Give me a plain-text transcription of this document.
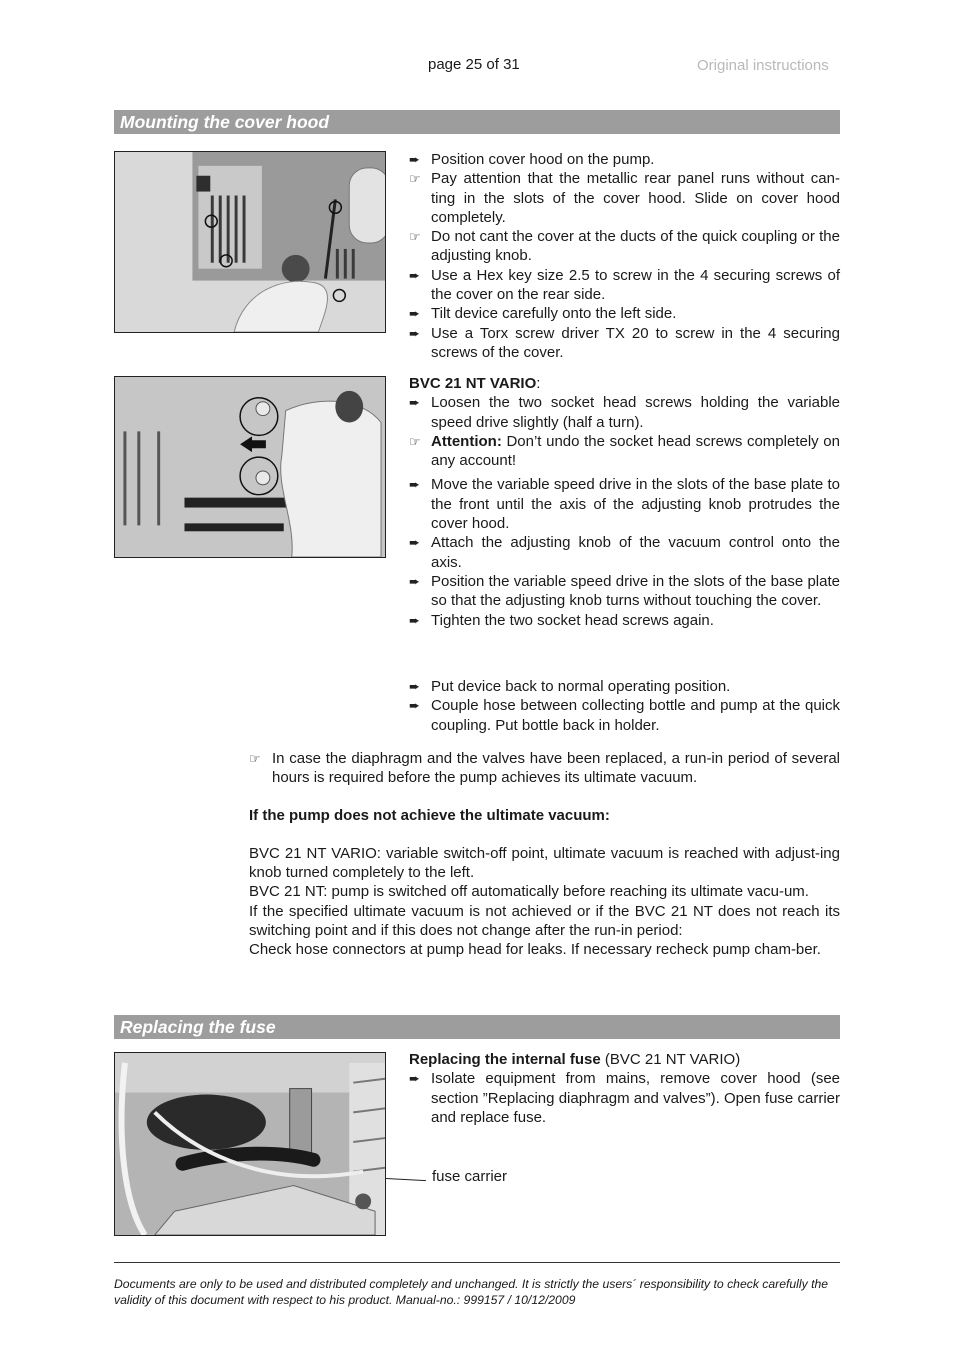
page 25 of 31	Original instructions
Mounting the cover hood
➨ Position cover hood on the pump.
☞ Pay attention that the metallic rear panel runs without can-ting in the slots of the cover hood. Slide on cover hood completely.
☞ Do not cant the cover at the ducts of the quick coupling or the adjusting knob.
➨ Use a Hex key size 2.5 to screw in the 4 securing screws of the cover on the rear side.
➨ Tilt device carefully onto the left side.
➨ Use a Torx screw driver TX 20 to screw in the 4 securing screws of the cover.
BVC 21 NT VARIO:
➨ Loosen the two socket head screws holding the variable speed drive slightly (half a turn).
☞ Attention: Don’t undo the socket head screws completely on any account!
➨ Move the variable speed drive in the slots of the base plate to the front until the axis of the adjusting knob protrudes the cover hood.
➨ Attach the adjusting knob of the vacuum control onto the axis.
➨ Position the variable speed drive in the slots of the base plate so that the adjusting knob turns without touching the cover.
➨ Tighten the two socket head screws again.
➨ Put device back to normal operating position.
➨ Couple hose between collecting bottle and pump at the quick coupling. Put bottle back in holder.
☞ In case the diaphragm and the valves have been replaced, a run-in period of several hours is required before the pump achieves its ultimate vacuum.
If the pump does not achieve the ultimate vacuum:
BVC 21 NT VARIO: variable switch-off point, ultimate vacuum is reached with adjust-ing knob turned completely to the left.
BVC 21 NT: pump is switched off automatically before reaching its ultimate vacu-um.
If the specified ultimate vacuum is not achieved or if the BVC 21 NT does not reach its switching point and if this does not change after the run-in period:
Check hose connectors at pump head for leaks. If necessary recheck pump cham-ber.
Replacing the fuse
Replacing the internal fuse (BVC 21 NT VARIO)
➨ Isolate equipment from mains, remove cover hood (see section ”Replacing diaphragm and valves”). Open fuse carrier and replace fuse.
fuse carrier
Documents are only to be used and distributed completely and unchanged. It is strictly the users´ responsibility to check carefully the validity of this document with respect to his product. Manual-no.: 999157 / 10/12/2009
